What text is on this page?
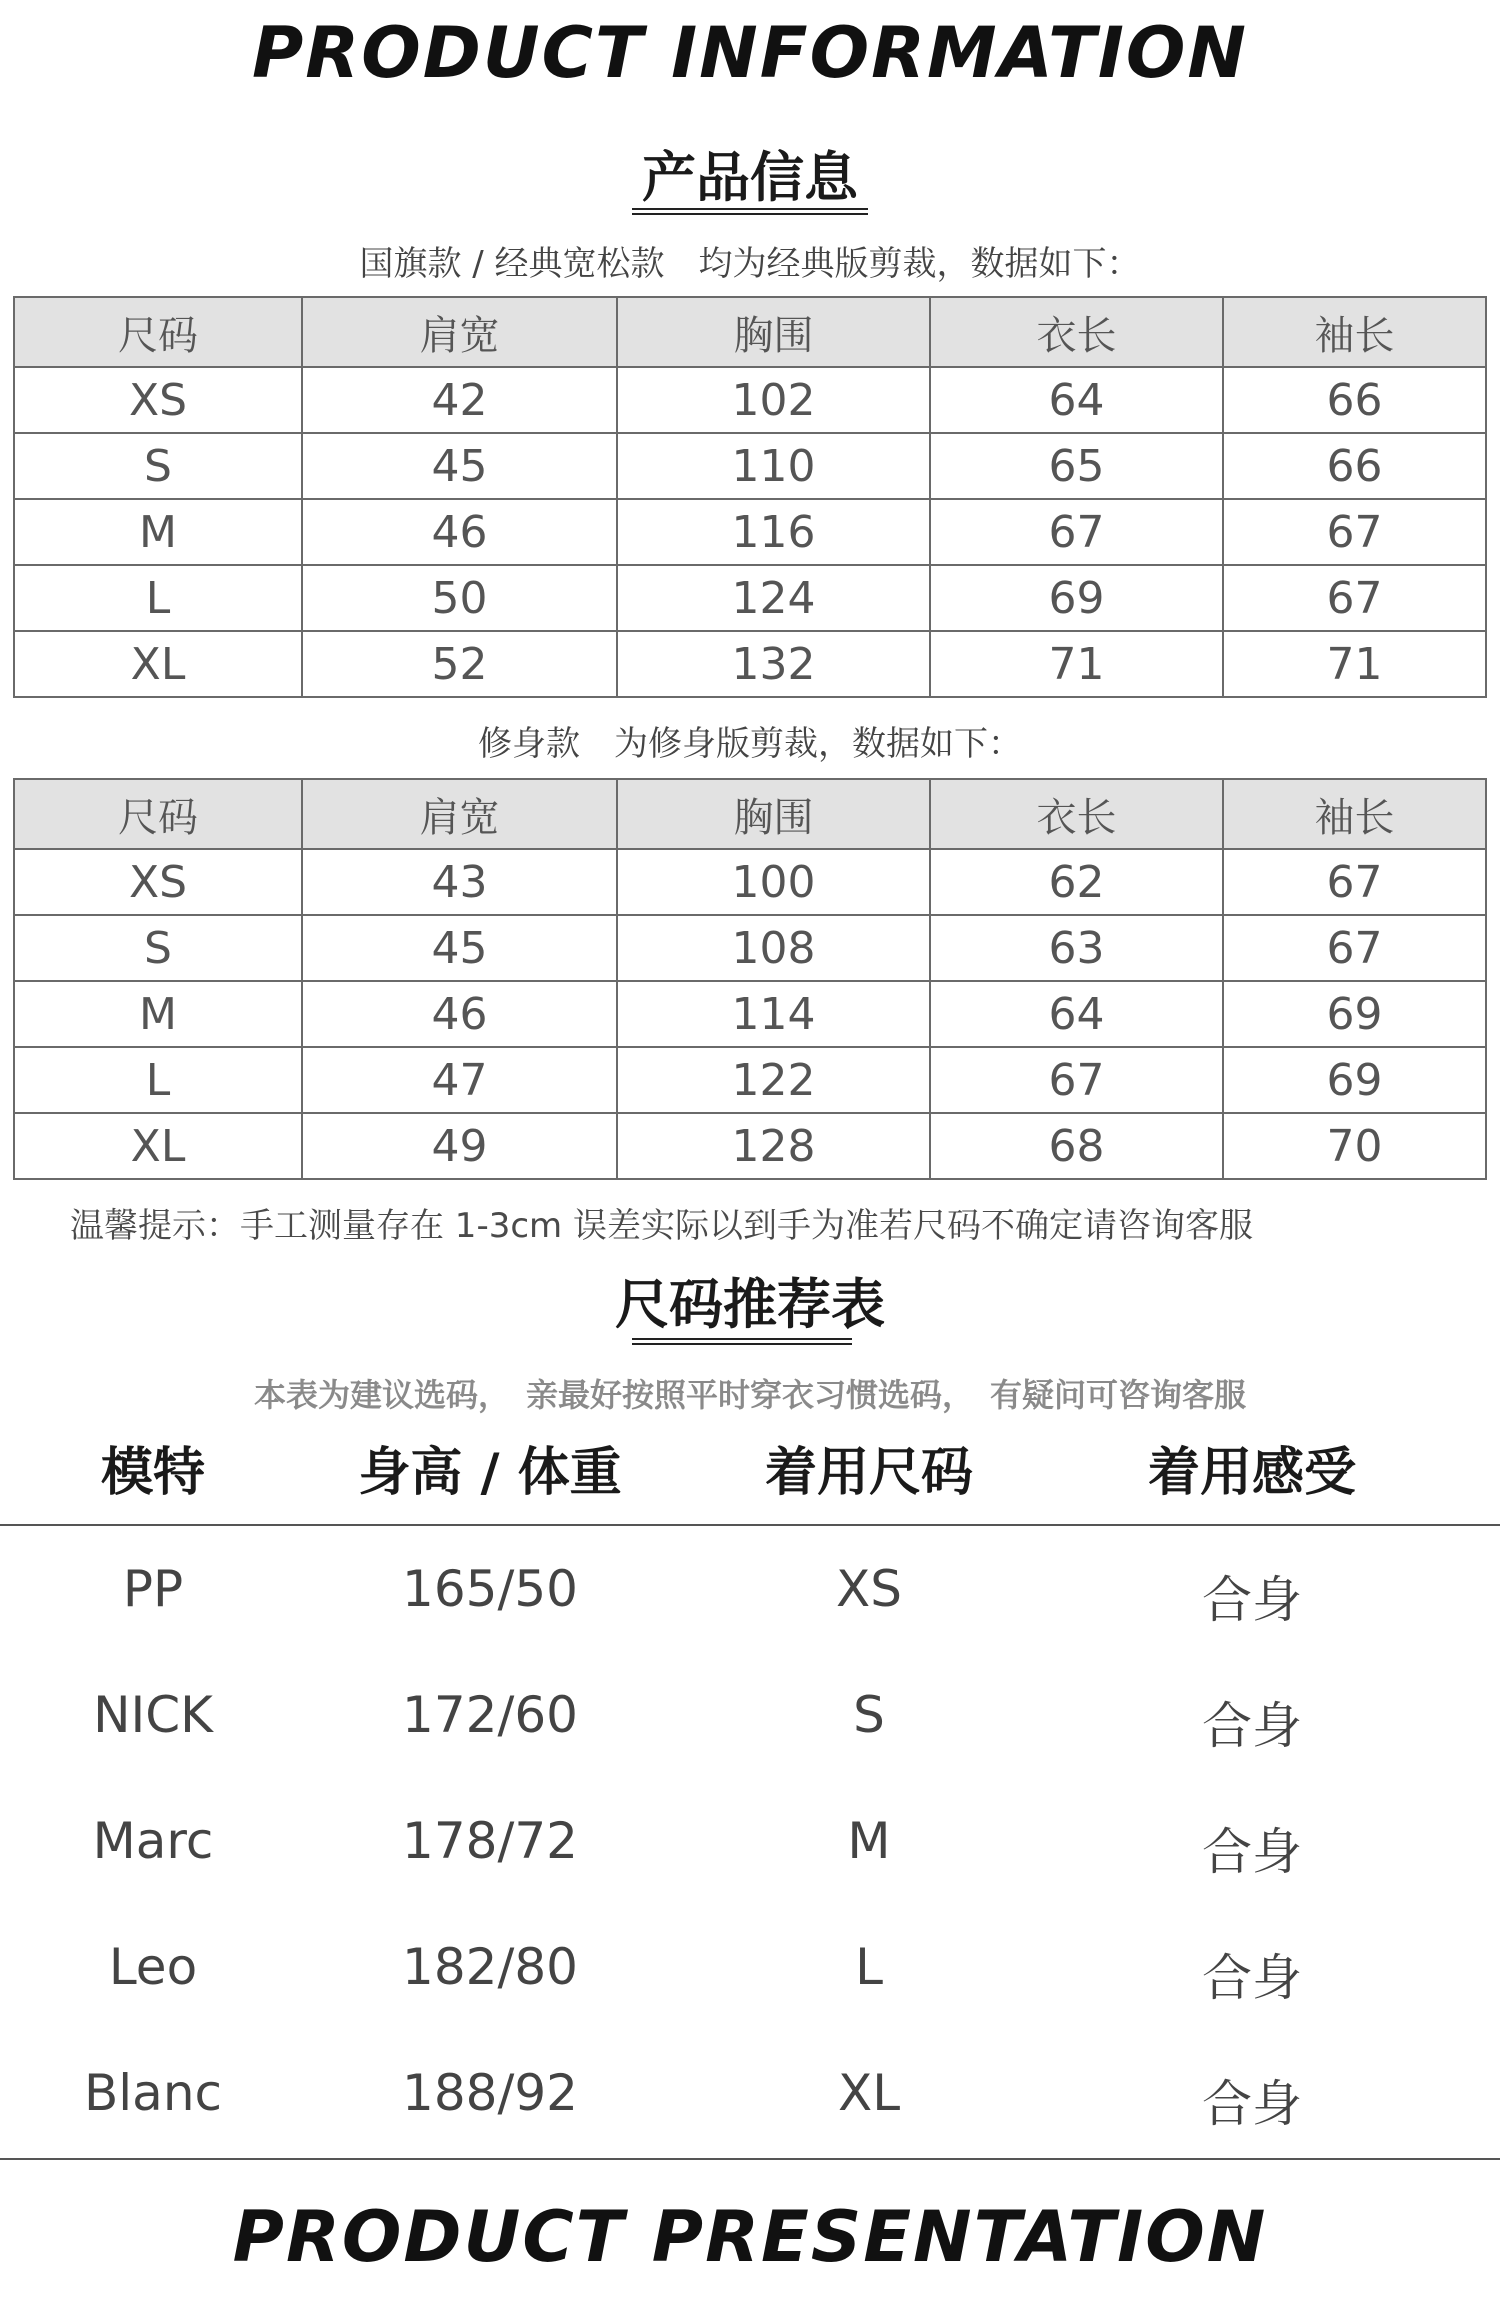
PRODUCT INFORMATION
产品信息
国旗款 / 经典宽松款　均为经典版剪裁，数据如下：
尺码	肩宽	胸围	衣长	袖长
XS	42	102	64	66
S	45	110	65	66
M	46	116	67	67
L	50	124	69	67
XL	52	132	71	71
修身款　为修身版剪裁，数据如下：
尺码	肩宽	胸围	衣长	袖长
XS	43	100	62	67
S	45	108	63	67
M	46	114	64	69
L	47	122	67	69
XL	49	128	68	70
温馨提示：手工测量存在 1-3cm 误差实际以到手为准若尺码不确定请咨询客服
尺码推荐表
本表为建议选码，　亲最好按照平时穿衣习惯选码，　有疑问可咨询客服
模特	身高 / 体重	着用尺码	着用感受
PP	165/50	XS	合身
NICK	172/60	S	合身
Marc	178/72	M	合身
Leo	182/80	L	合身
Blanc	188/92	XL	合身
PRODUCT PRESENTATION
